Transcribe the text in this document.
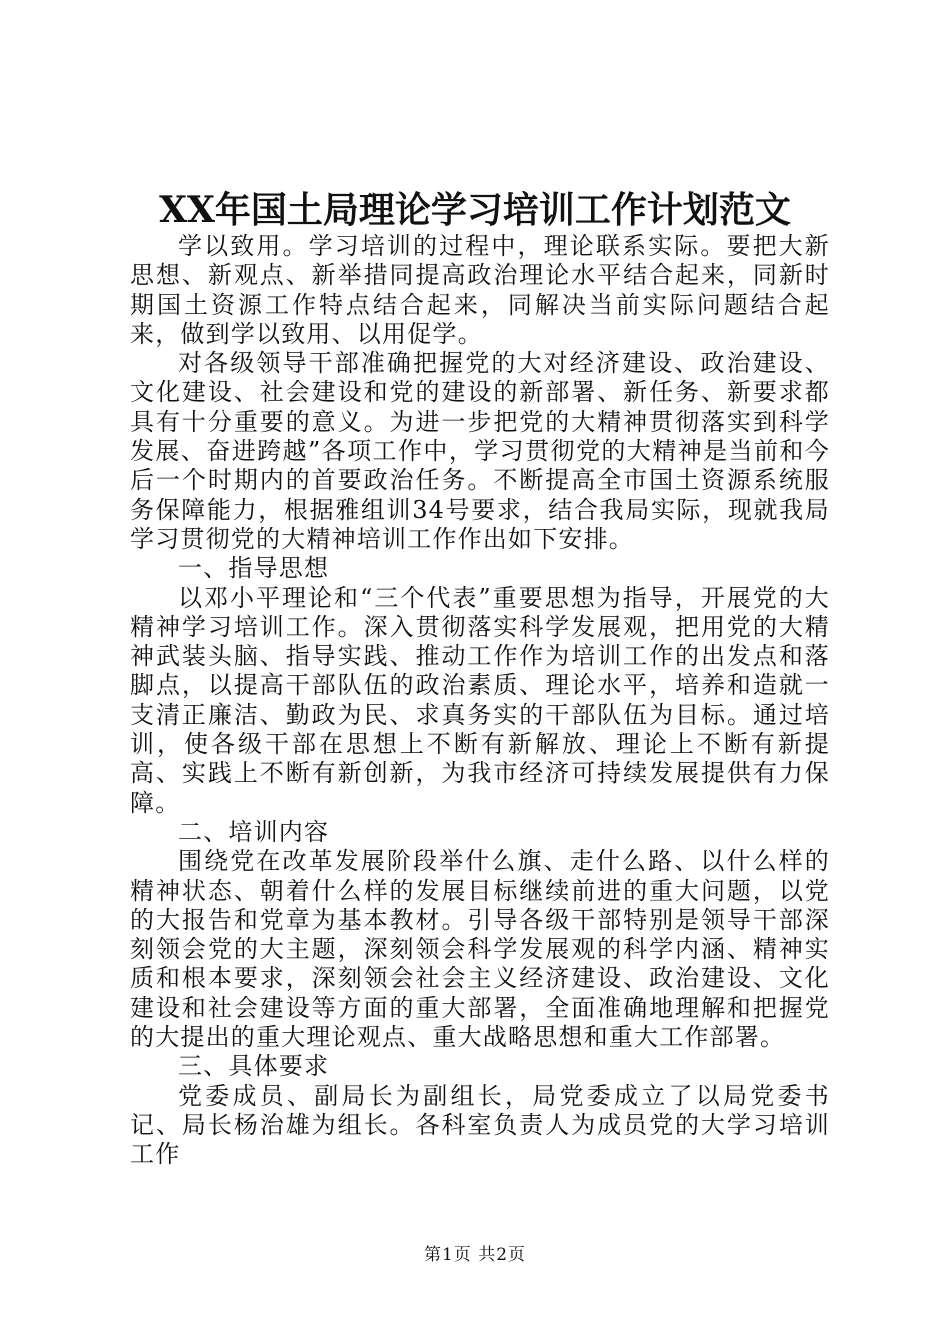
XX年国土局理论学习培训工作计划范文

学以致用。学习培训的过程中，理论联系实际。要把大新思想、新观点、新举措同提高政治理论水平结合起来，同新时期国土资源工作特点结合起来，同解决当前实际问题结合起来，做到学以致用、以用促学。

对各级领导干部准确把握党的大对经济建设、政治建设、文化建设、社会建设和党的建设的新部署、新任务、新要求都具有十分重要的意义。为进一步把党的大精神贯彻落实到科学发展、奋进跨越”各项工作中，学习贯彻党的大精神是当前和今后一个时期内的首要政治任务。不断提高全市国土资源系统服务保障能力，根据雅组训34号要求，结合我局实际，现就我局学习贯彻党的大精神培训工作作出如下安排。

一、指导思想

以邓小平理论和“三个代表”重要思想为指导，开展党的大精神学习培训工作。深入贯彻落实科学发展观，把用党的大精神武装头脑、指导实践、推动工作作为培训工作的出发点和落脚点，以提高干部队伍的政治素质、理论水平，培养和造就一支清正廉洁、勤政为民、求真务实的干部队伍为目标。通过培训，使各级干部在思想上不断有新解放、理论上不断有新提高、实践上不断有新创新，为我市经济可持续发展提供有力保障。

二、培训内容

围绕党在改革发展阶段举什么旗、走什么路、以什么样的精神状态、朝着什么样的发展目标继续前进的重大问题，以党的大报告和党章为基本教材。引导各级干部特别是领导干部深刻领会党的大主题，深刻领会科学发展观的科学内涵、精神实质和根本要求，深刻领会社会主义经济建设、政治建设、文化建设和社会建设等方面的重大部署，全面准确地理解和把握党的大提出的重大理论观点、重大战略思想和重大工作部署。

三、具体要求

党委成员、副局长为副组长，局党委成立了以局党委书记、局长杨治雄为组长。各科室负责人为成员党的大学习培训工作

第1页 共2页
